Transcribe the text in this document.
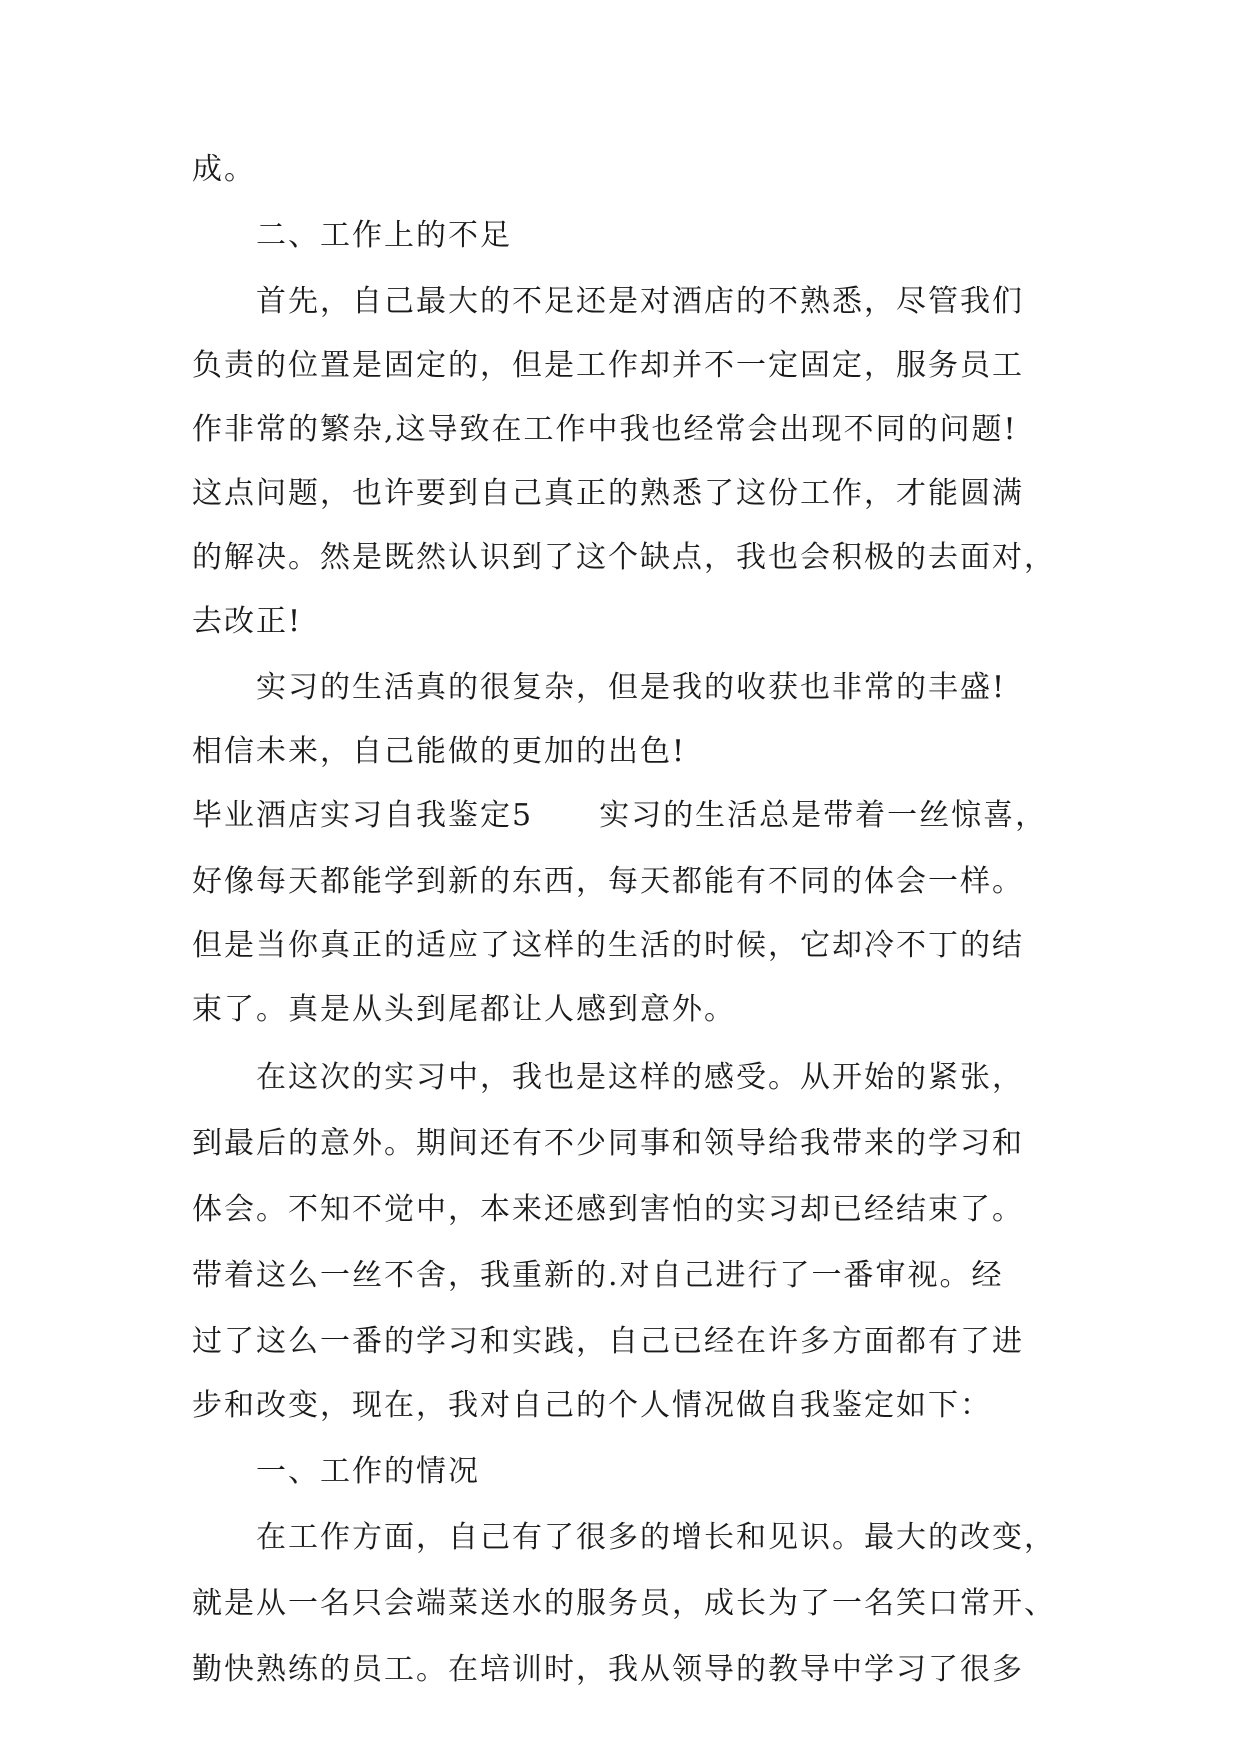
成。
二、工作上的不足
首先，自己最大的不足还是对酒店的不熟悉，尽管我们
负责的位置是固定的，但是工作却并不一定固定，服务员工
作非常的繁杂,这导致在工作中我也经常会出现不同的问题!
这点问题，也许要到自己真正的熟悉了这份工作，才能圆满
的解决。然是既然认识到了这个缺点，我也会积极的去面对，
去改正!
实习的生活真的很复杂，但是我的收获也非常的丰盛!
相信未来，自己能做的更加的出色!
毕业酒店实习自我鉴定5 实习的生活总是带着一丝惊喜，
好像每天都能学到新的东西，每天都能有不同的体会一样。
但是当你真正的适应了这样的生活的时候，它却冷不丁的结
束了。真是从头到尾都让人感到意外。
在这次的实习中，我也是这样的感受。从开始的紧张，
到最后的意外。期间还有不少同事和领导给我带来的学习和
体会。不知不觉中，本来还感到害怕的实习却已经结束了。
带着这么一丝不舍，我重新的.对自己进行了一番审视。经
过了这么一番的学习和实践，自己已经在许多方面都有了进
步和改变，现在，我对自己的个人情况做自我鉴定如下：
一、工作的情况
在工作方面，自己有了很多的增长和见识。最大的改变，
就是从一名只会端菜送水的服务员，成长为了一名笑口常开、
勤快熟练的员工。在培训时，我从领导的教导中学习了很多
